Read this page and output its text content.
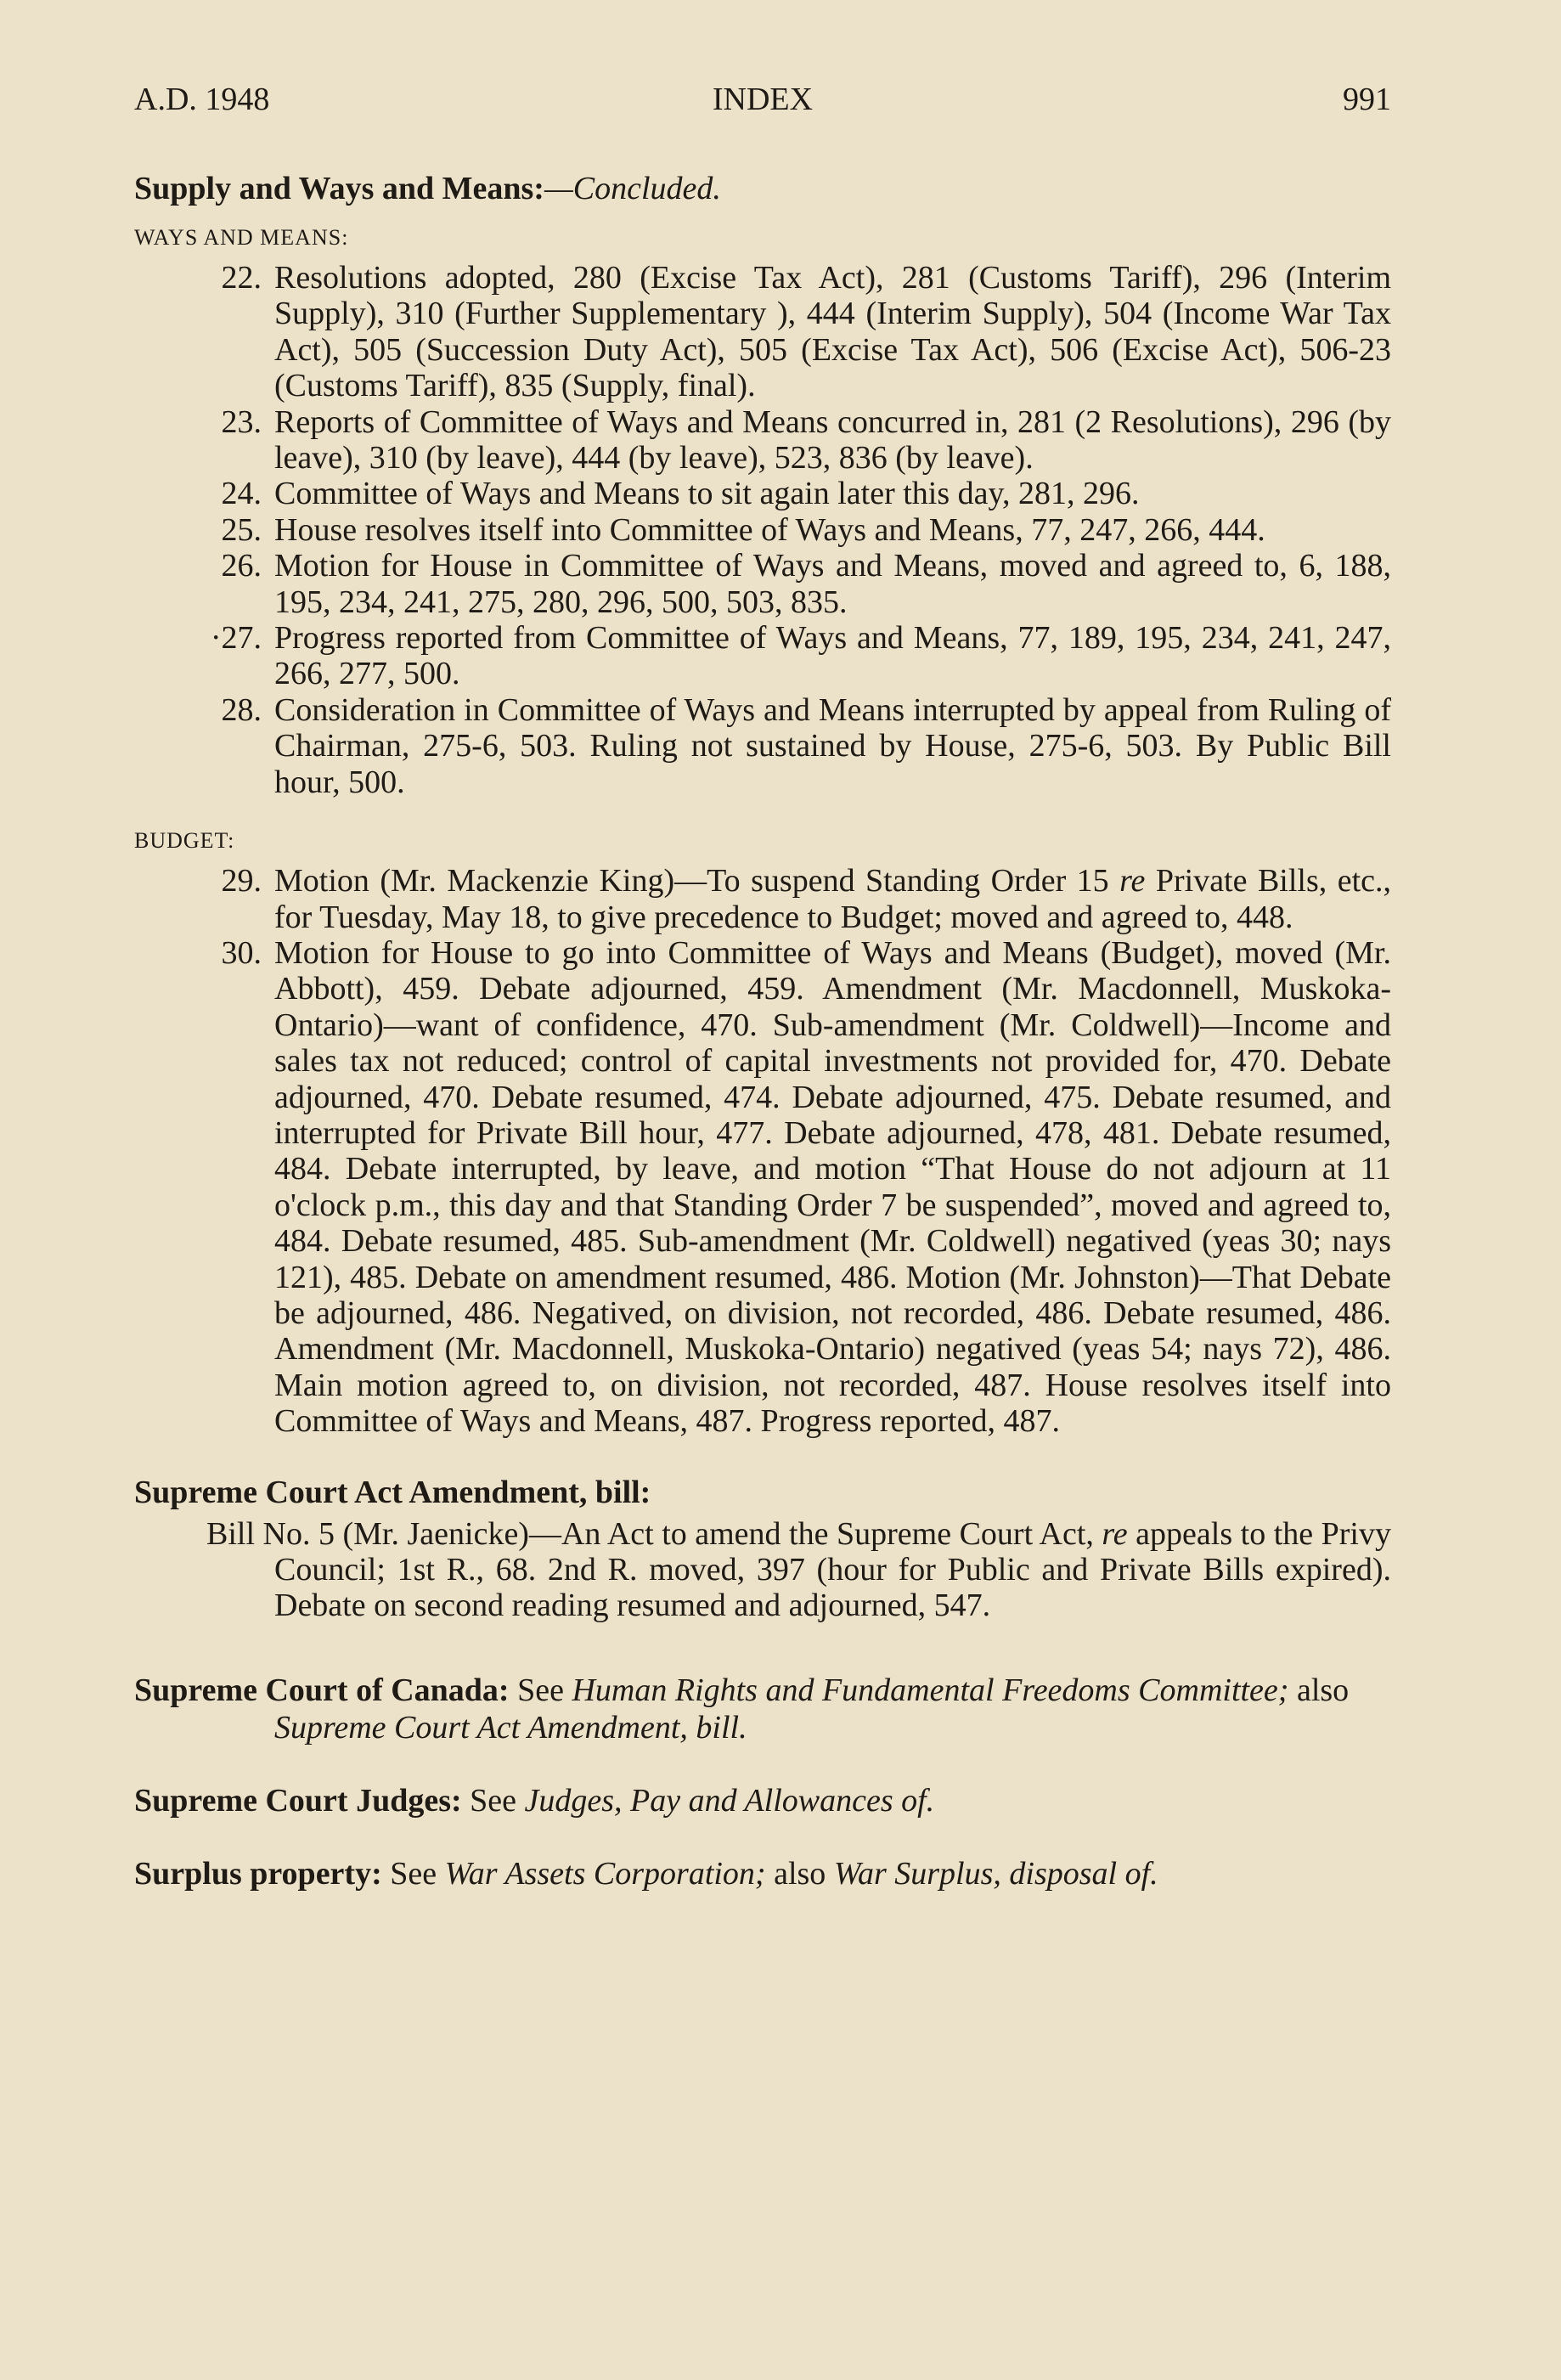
A.D. 1948	INDEX	991
Supply and Ways and Means:—Concluded.
WAYS AND MEANS:
22. Resolutions adopted, 280 (Excise Tax Act), 281 (Customs Tariff), 296 (Interim Supply), 310 (Further Supplementary ), 444 (Interim Supply), 504 (Income War Tax Act), 505 (Succession Duty Act), 505 (Excise Tax Act), 506 (Excise Act), 506-23 (Customs Tariff), 835 (Supply, final).
23. Reports of Committee of Ways and Means concurred in, 281 (2 Resolutions), 296 (by leave), 310 (by leave), 444 (by leave), 523, 836 (by leave).
24. Committee of Ways and Means to sit again later this day, 281, 296.
25. House resolves itself into Committee of Ways and Means, 77, 247, 266, 444.
26. Motion for House in Committee of Ways and Means, moved and agreed to, 6, 188, 195, 234, 241, 275, 280, 296, 500, 503, 835.
·27. Progress reported from Committee of Ways and Means, 77, 189, 195, 234, 241, 247, 266, 277, 500.
28. Consideration in Committee of Ways and Means interrupted by appeal from Ruling of Chairman, 275-6, 503. Ruling not sustained by House, 275-6, 503. By Public Bill hour, 500.
BUDGET:
29. Motion (Mr. Mackenzie King)—To suspend Standing Order 15 re Private Bills, etc., for Tuesday, May 18, to give precedence to Budget; moved and agreed to, 448.
30. Motion for House to go into Committee of Ways and Means (Budget), moved (Mr. Abbott), 459. Debate adjourned, 459. Amendment (Mr. Macdonnell, Muskoka-Ontario)—want of confidence, 470. Sub-amendment (Mr. Coldwell)—Income and sales tax not reduced; control of capital investments not provided for, 470. Debate adjourned, 470. Debate resumed, 474. Debate adjourned, 475. Debate resumed, and interrupted for Private Bill hour, 477. Debate adjourned, 478, 481. Debate resumed, 484. Debate interrupted, by leave, and motion “That House do not adjourn at 11 o'clock p.m., this day and that Standing Order 7 be suspended”, moved and agreed to, 484. Debate resumed, 485. Sub-amendment (Mr. Coldwell) negatived (yeas 30; nays 121), 485. Debate on amendment resumed, 486. Motion (Mr. Johnston)—That Debate be adjourned, 486. Negatived, on division, not recorded, 486. Debate resumed, 486. Amendment (Mr. Macdonnell, Muskoka-Ontario) negatived (yeas 54; nays 72), 486. Main motion agreed to, on division, not recorded, 487. House resolves itself into Committee of Ways and Means, 487. Progress reported, 487.
Supreme Court Act Amendment, bill:
Bill No. 5 (Mr. Jaenicke)—An Act to amend the Supreme Court Act, re appeals to the Privy Council; 1st R., 68. 2nd R. moved, 397 (hour for Public and Private Bills expired). Debate on second reading resumed and adjourned, 547.
Supreme Court of Canada: See Human Rights and Fundamental Freedoms Committee; also Supreme Court Act Amendment, bill.
Supreme Court Judges: See Judges, Pay and Allowances of.
Surplus property: See War Assets Corporation; also War Surplus, disposal of.
